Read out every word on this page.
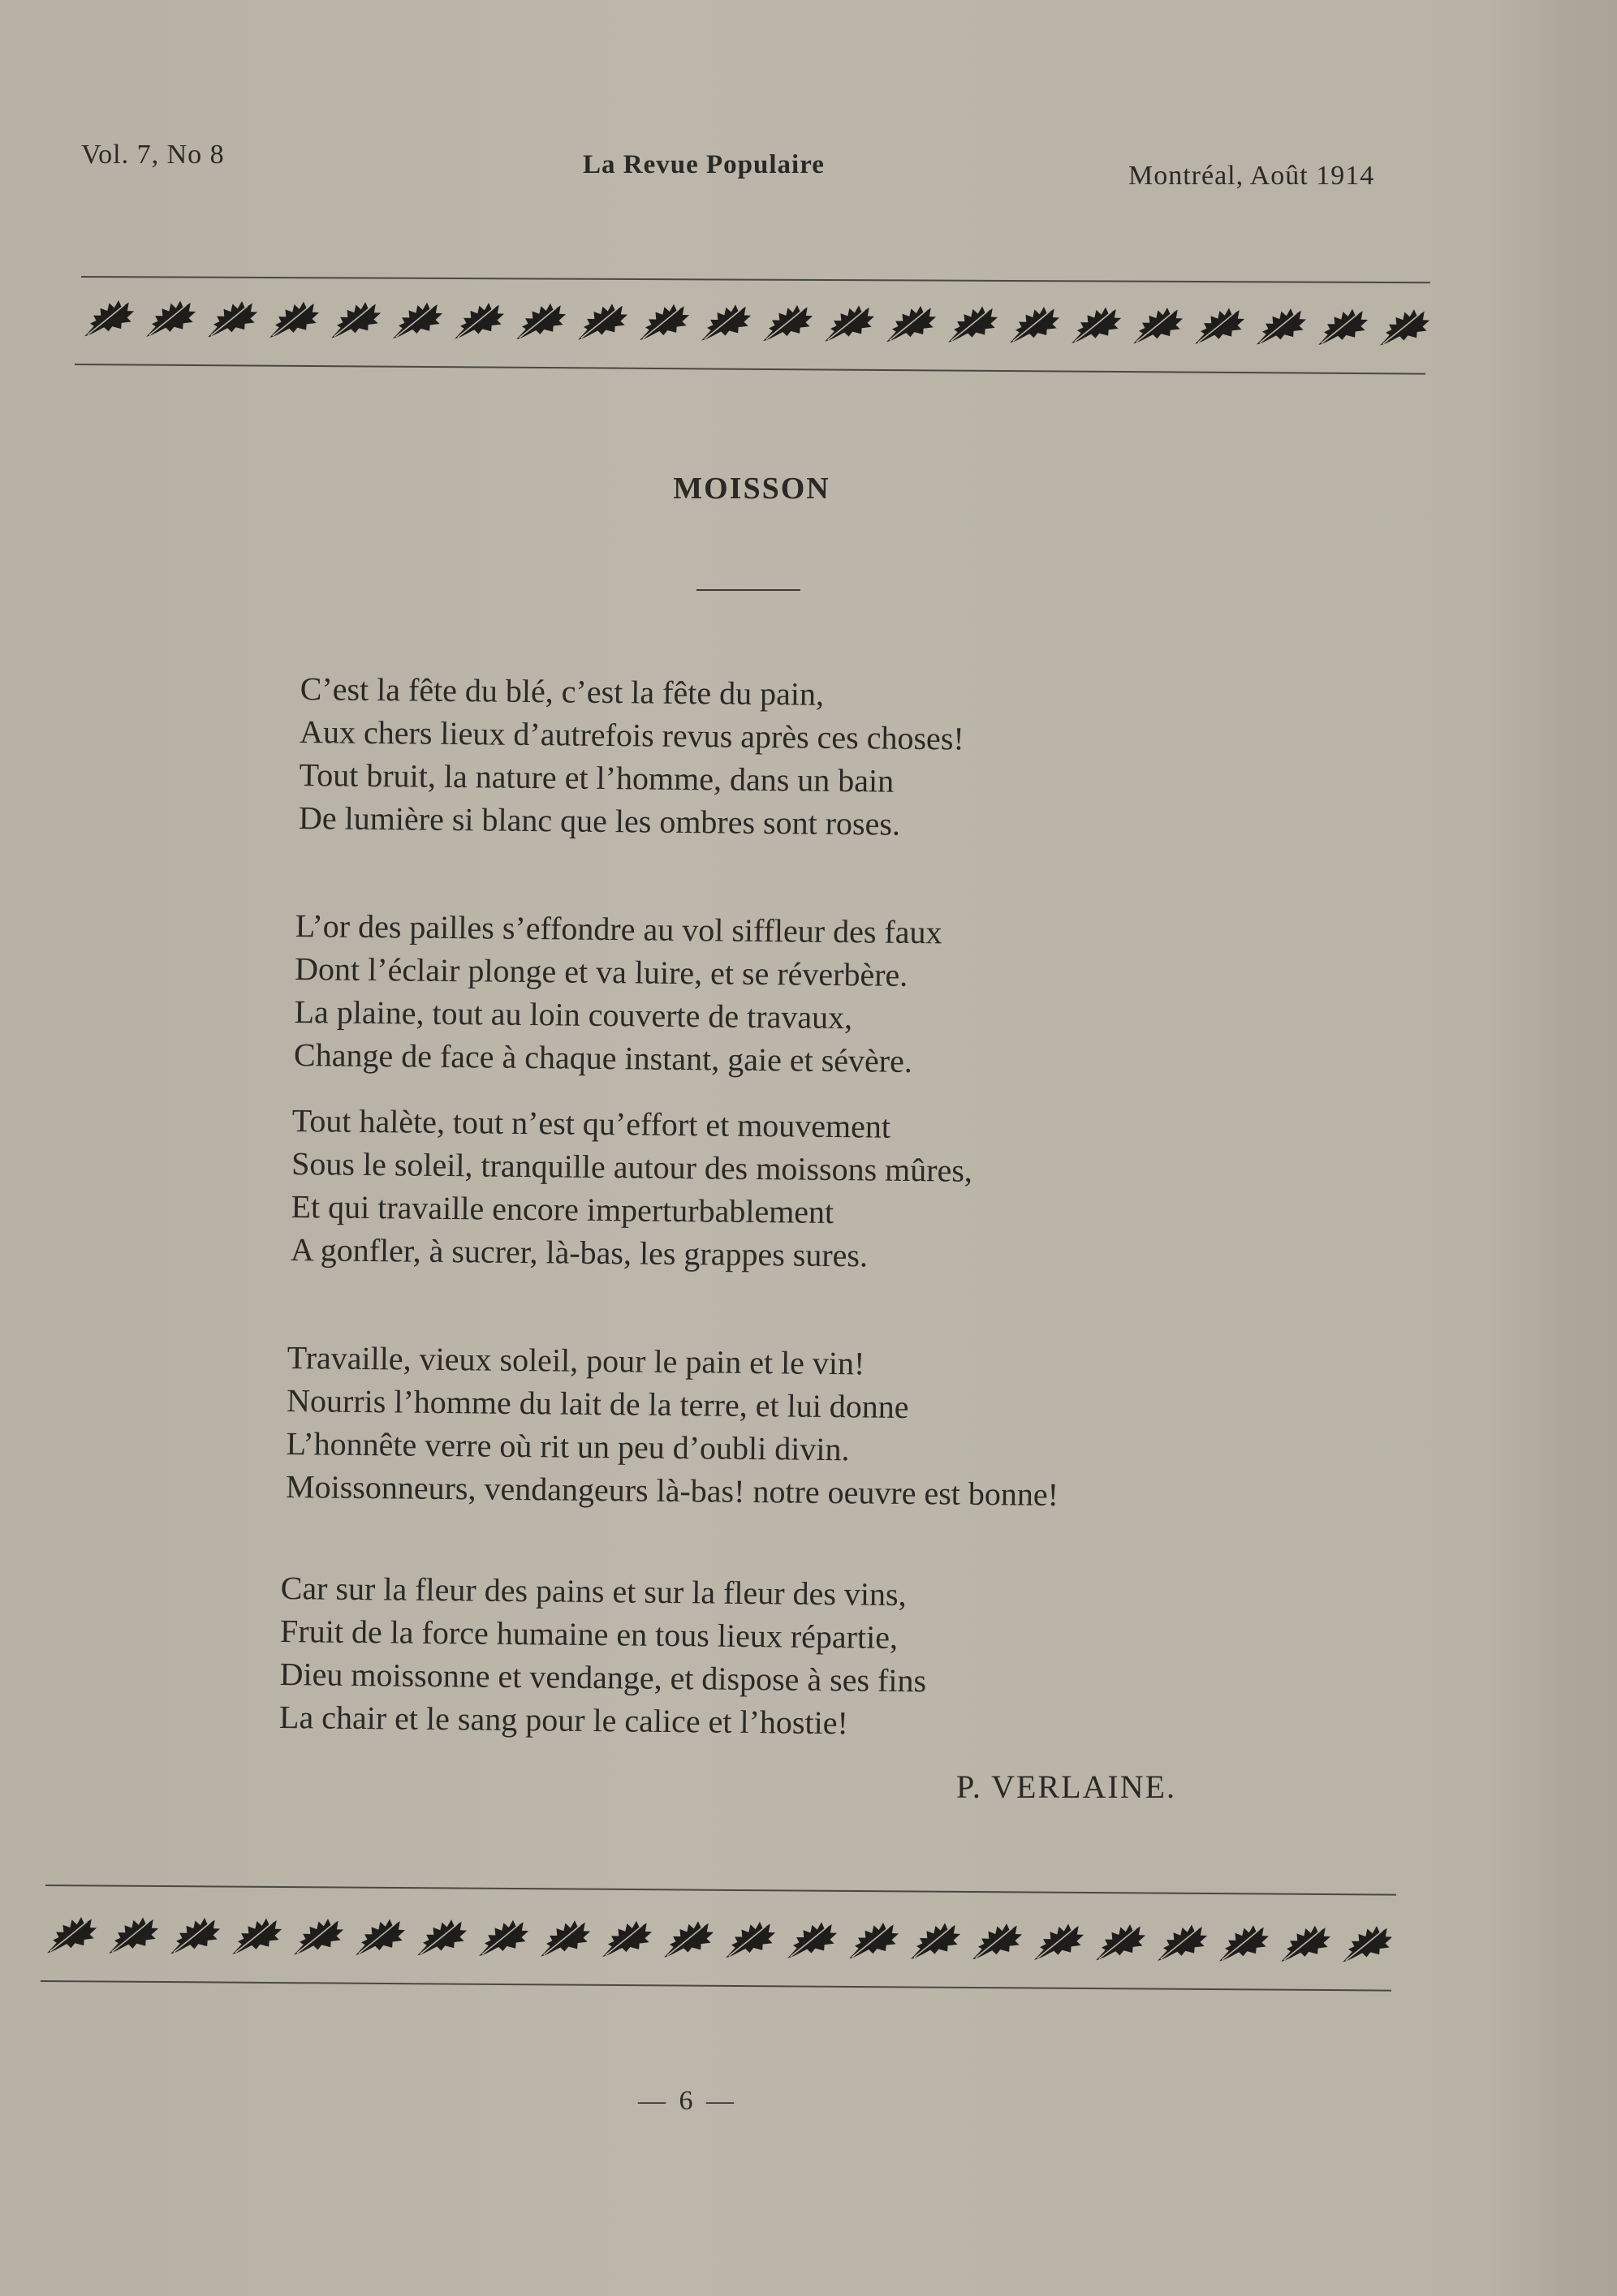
Vol. 7, No 8	La Revue Populaire	Montréal, Août 1914
MOISSON
C’est la fête du blé, c’est la fête du pain,
Aux chers lieux d’autrefois revus après ces choses!
Tout bruit, la nature et l’homme, dans un bain
De lumière si blanc que les ombres sont roses.
L’or des pailles s’effondre au vol siffleur des faux
Dont l’éclair plonge et va luire, et se réverbère.
La plaine, tout au loin couverte de travaux,
Change de face à chaque instant, gaie et sévère.
Tout halète, tout n’est qu’effort et mouvement
Sous le soleil, tranquille autour des moissons mûres,
Et qui travaille encore imperturbablement
A gonfler, à sucrer, là-bas, les grappes sures.
Travaille, vieux soleil, pour le pain et le vin!
Nourris l’homme du lait de la terre, et lui donne
L’honnête verre où rit un peu d’oubli divin.
Moissonneurs, vendangeurs là-bas! notre oeuvre est bonne!
Car sur la fleur des pains et sur la fleur des vins,
Fruit de la force humaine en tous lieux répartie,
Dieu moissonne et vendange, et dispose à ses fins
La chair et le sang pour le calice et l’hostie!
P. VERLAINE.
— 6 —
